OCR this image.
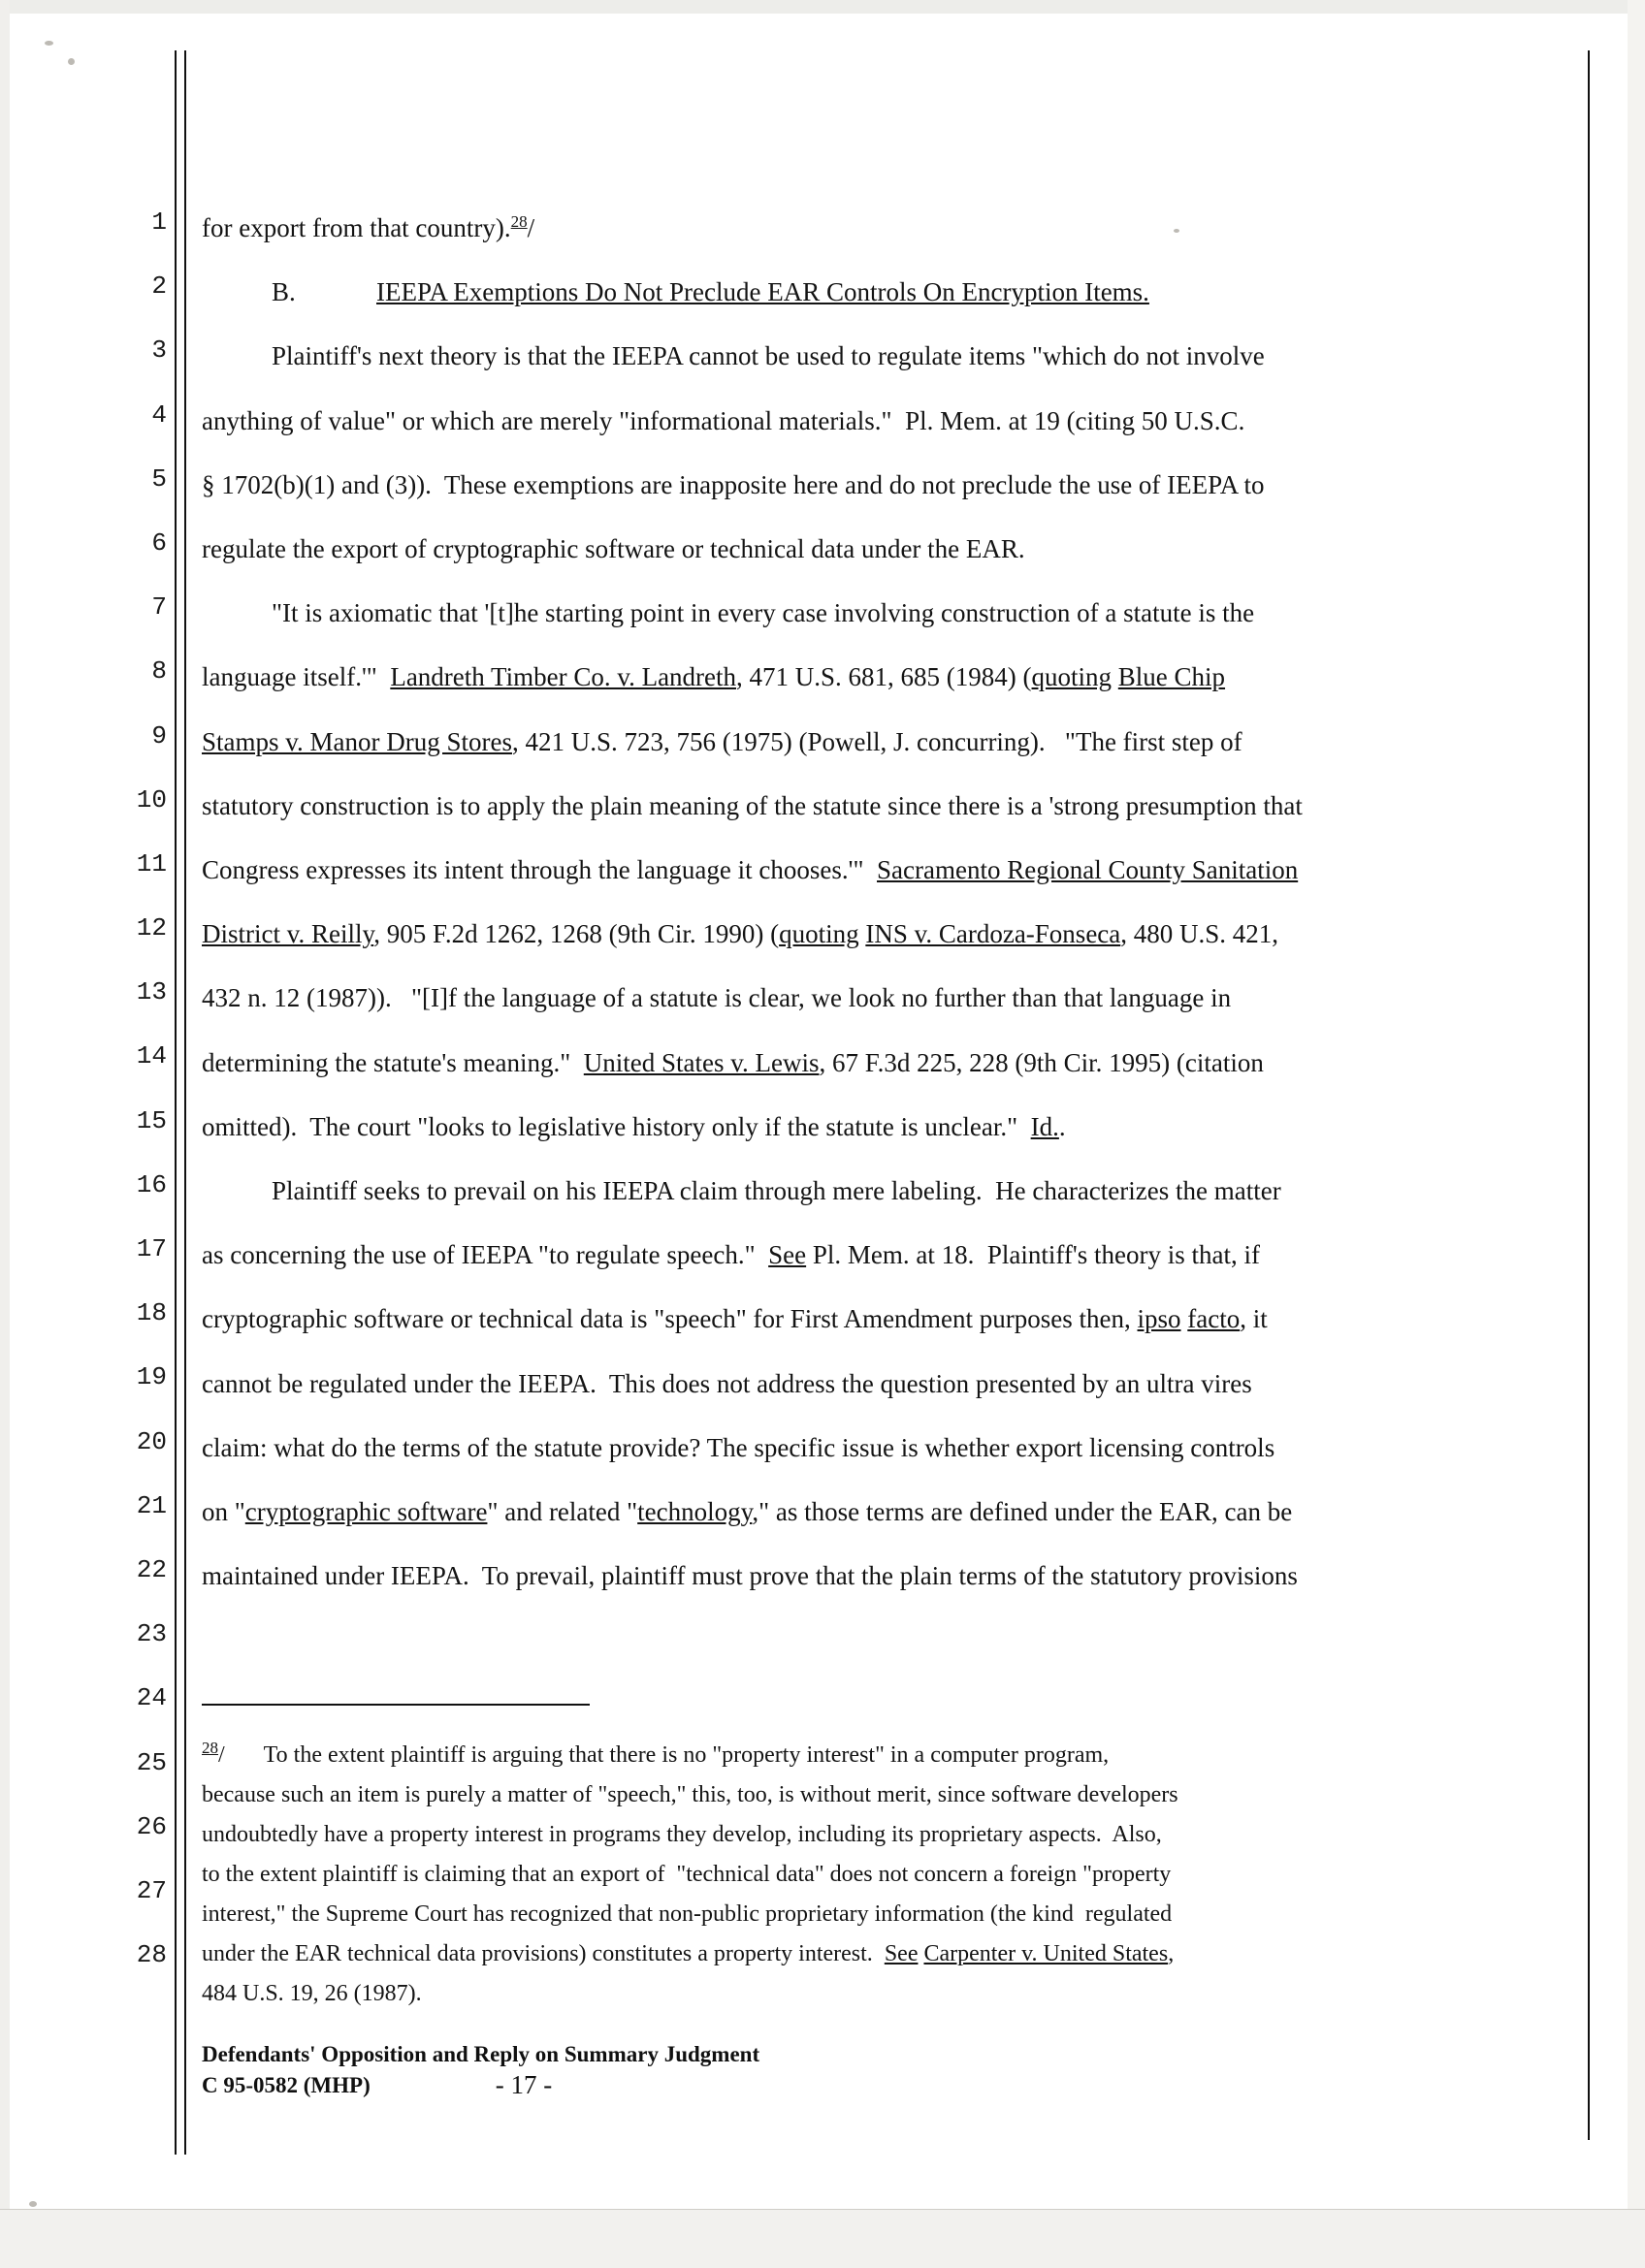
1
2
3
4
5
6
7
8
9
10
11
12
13
14
15
16
17
18
19
20
21
22
23
24
25
26
27
28

for export from that country).$^{28}$/

B.	IEEPA Exemptions Do Not Preclude EAR Controls On Encryption Items.

Plaintiff's next theory is that the IEEPA cannot be used to regulate items "which do not involve

anything of value" or which are merely "informational materials."  Pl. Mem. at 19 (citing 50 U.S.C.

§ 1702(b)(1) and (3)).  These exemptions are inapposite here and do not preclude the use of IEEPA to

regulate the export of cryptographic software or technical data under the EAR.

"It is axiomatic that '[t]he starting point in every case involving construction of a statute is the

language itself.'"  Landreth Timber Co. v. Landreth, 471 U.S. 681, 685 (1984) (quoting Blue Chip

Stamps v. Manor Drug Stores, 421 U.S. 723, 756 (1975) (Powell, J. concurring).   "The first step of

statutory construction is to apply the plain meaning of the statute since there is a 'strong presumption that

Congress expresses its intent through the language it chooses.'"  Sacramento Regional County Sanitation

District v. Reilly, 905 F.2d 1262, 1268 (9th Cir. 1990) (quoting INS v. Cardoza-Fonseca, 480 U.S. 421,

432 n. 12 (1987)).   "[I]f the language of a statute is clear, we look no further than that language in

determining the statute's meaning."  United States v. Lewis, 67 F.3d 225, 228 (9th Cir. 1995) (citation

omitted).  The court "looks to legislative history only if the statute is unclear."  Id..

Plaintiff seeks to prevail on his IEEPA claim through mere labeling.  He characterizes the matter

as concerning the use of IEEPA "to regulate speech."  See Pl. Mem. at 18.  Plaintiff's theory is that, if

cryptographic software or technical data is "speech" for First Amendment purposes then, ipso facto, it

cannot be regulated under the IEEPA.  This does not address the question presented by an ultra vires

claim: what do the terms of the statute provide? The specific issue is whether export licensing controls

on "cryptographic software" and related "technology," as those terms are defined under the EAR, can be

maintained under IEEPA.  To prevail, plaintiff must prove that the plain terms of the statutory provisions

$^{28}$/ To the extent plaintiff is arguing that there is no "property interest" in a computer program,

because such an item is purely a matter of "speech," this, too, is without merit, since software developers

undoubtedly have a property interest in programs they develop, including its proprietary aspects.  Also,

to the extent plaintiff is claiming that an export of  "technical data" does not concern a foreign "property

interest," the Supreme Court has recognized that non-public proprietary information (the kind  regulated

under the EAR technical data provisions) constitutes a property interest.  See Carpenter v. United States,

484 U.S. 19, 26 (1987).

Defendants' Opposition and Reply on Summary Judgment
C 95-0582 (MHP)	- 17 -
